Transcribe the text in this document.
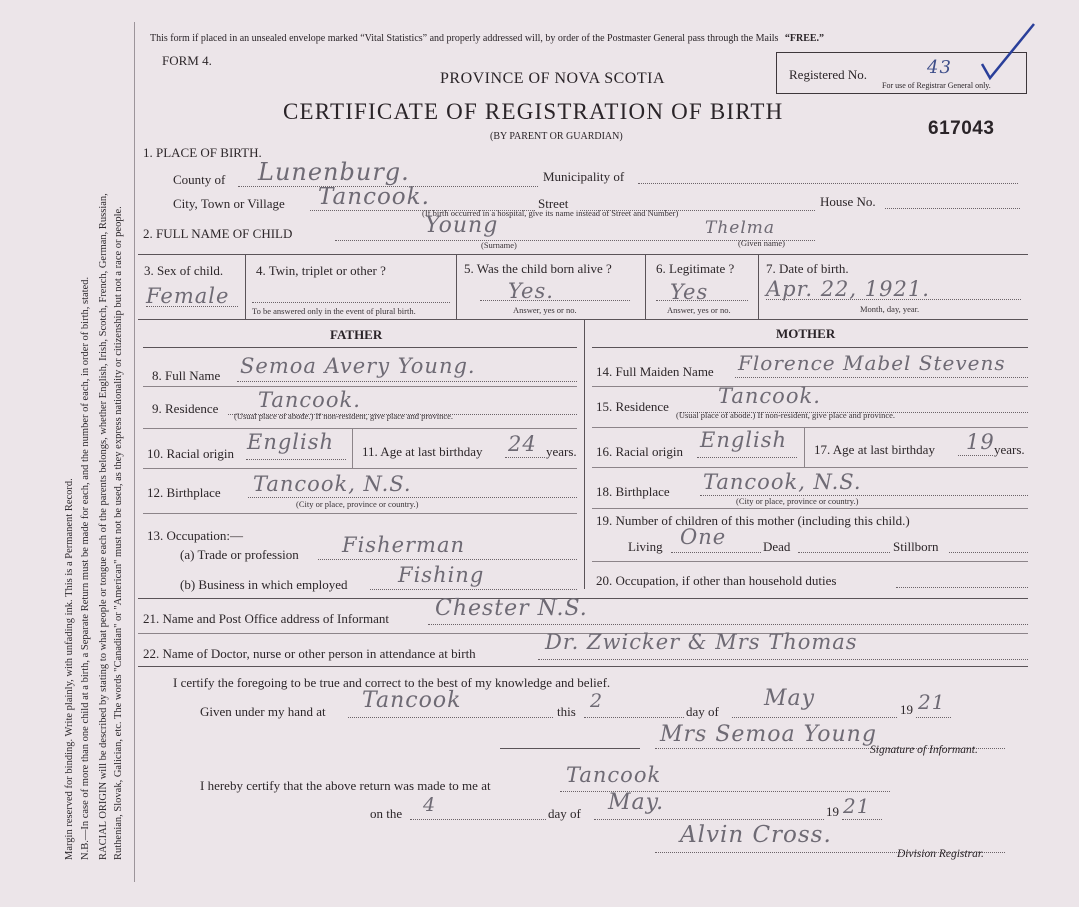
Margin reserved for binding. Write plainly, with unfading ink. This is a Permanent Record. N.B.—In case of more than one child at a birth, a Separate Return must be made for each, and the number of each, in order of birth, stated. RACIAL ORIGIN will be described by stating to what people or tongue each of the parents belongs, whether English, Irish, Scotch, French, German, Russian, Ruthenian, Slovak, Galician, etc. The words "Canadian" or "American" must not be used, as they express nationality or citizenship but not a race or people.
This form if placed in an unsealed envelope marked “Vital Statistics” and properly addressed will, by order of the Postmaster General pass through the Mails “FREE.”
FORM 4.
PROVINCE OF NOVA SCOTIA
CERTIFICATE OF REGISTRATION OF BIRTH
(BY PARENT OR GUARDIAN)	617043
Registered No.	43
For use of Registrar General only.
1. PLACE OF BIRTH.
County of Lunenburg.	Municipality of
City, Town or Village Tancook.	Street	House No.
(If birth occurred in a hospital, give its name instead of Street and Number)
2. FULL NAME OF CHILD	Young	Thelma
(Surname)	(Given name)
3. Sex of child.
Female
4. Twin, triplet or other ?
To be answered only in the event of plural birth.
5. Was the child born alive ?
Yes.
Answer, yes or no.
6. Legitimate ?
Yes
Answer, yes or no.
7. Date of birth.
Apr. 22, 1921.
Month, day, year.
FATHER	MOTHER
8. Full Name Semoa Avery Young.
9. Residence Tancook.
(Usual place of abode.) If non-resident, give place and province.
10. Racial origin English 11. Age at last birthday 24 years.
12. Birthplace Tancook, N.S.
(City or place, province or country.)
13. Occupation:—
(a) Trade or profession Fisherman
(b) Business in which employed Fishing
14. Full Maiden Name Florence Mabel Stevens
15. Residence Tancook.
(Usual place of abode.) If non-resident, give place and province.
16. Racial origin English 17. Age at last birthday 19 years.
18. Birthplace Tancook, N.S.
(City or place, province or country.)
19. Number of children of this mother (including this child.)
Living One	Dead	Stillborn
20. Occupation, if other than household duties
21. Name and Post Office address of Informant Chester N.S.
22. Name of Doctor, nurse or other person in attendance at birth	Dr. Zwicker & Mrs Thomas
I certify the foregoing to be true and correct to the best of my knowledge and belief.
Given under my hand at Tancook	this 2	day of
May	19 21
Mrs Semoa Young
Signature of Informant.
I hereby certify that the above return was made to me at	Tancook
on the 4	day of May.	19 21
Alvin Cross.
Division Registrar.
